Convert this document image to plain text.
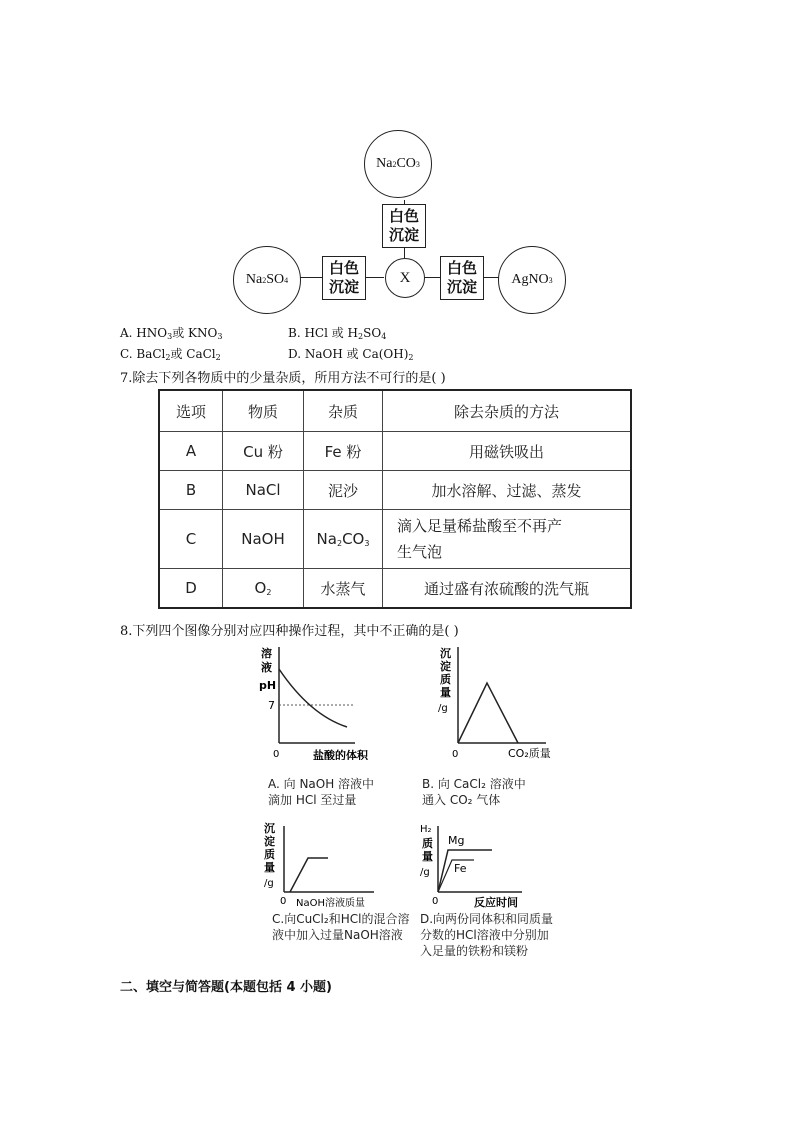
Na 2 CO 3
白色
沉淀
Na 2 SO 4
白色
沉淀
X
白色
沉淀 AgNO 3
A. $HNO_3$或 $KNO_3$	B. HCl 或 $H_2SO_4$
C. BaCl$_2$或 CaCl$_2$	D. NaOH 或 $Ca(OH)_2$
7.除去下列各物质中的少量杂质，所用方法不可行的是( )
选项	物质	杂质	除去杂质的方法
A	Cu 粉	Fe 粉	用磁铁吸出
B	NaCl	泥沙	加水溶解、过滤、蒸发
C	NaOH	$Na_2CO_3$	滴入足量稀盐酸至不再产
生气泡

D	$O_2$	水蒸气	通过盛有浓硫酸的洗气瓶
8.下列四个图像分别对应四种操作过程，其中不正确的是( )
溶
液
pH
7
0	盐酸的体积
A. 向 NaOH 溶液中
滴加 HCl 至过量
沉
淀
质
量
/g
0	CO₂质量
B. 向 CaCl₂ 溶液中
通入 CO₂ 气体
沉
淀
质
量
/g
0 NaOH溶液质量
C.向CuCl₂和HCl的混合溶
液中加入过量NaOH溶液
H₂
质
量
/g
Mg
Fe
0	反应时间
D.向两份同体积和同质量
分数的HCl溶液中分别加
入足量的铁粉和镁粉
二、填空与简答题(本题包括 4 小题)
